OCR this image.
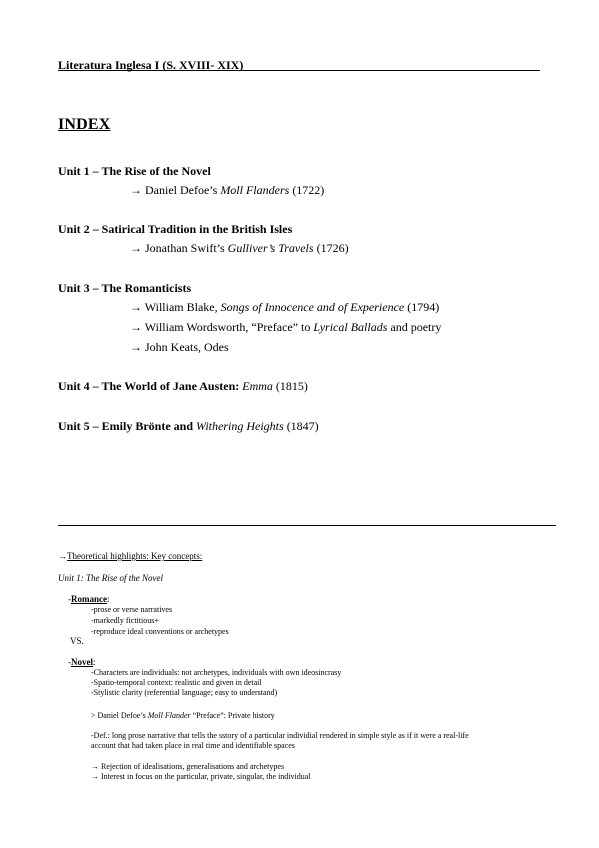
Literatura Inglesa I (S. XVIII- XIX)
INDEX
Unit 1 – The Rise of the Novel
→ Daniel Defoe’s Moll Flanders (1722)
Unit 2 – Satirical Tradition in the British Isles
→ Jonathan Swift’s Gulliver’s Travels (1726)
Unit 3 – The Romanticists
→ William Blake, Songs of Innocence and of Experience (1794)
→ William Wordsworth, “Preface” to Lyrical Ballads and poetry
→ John Keats, Odes
Unit 4 – The World of Jane Austen: Emma (1815)
Unit 5 – Emily Brönte and Withering Heights (1847)
→Theoretical highlights: Key concepts:
Unit 1: The Rise of the Novel
-Romance:
-prose or verse narratives
-markedly fictitious+
-reproduce ideal conventions or archetypes
VS.
-Novel:
-Characters are individuals: not archetypes, individuals with own ideosincrasy
-Spatio-temporal context: realistic and given in detail
-Stylistic clarity (referential language; easy to understand)
> Daniel Defoe’s Moll Flander “Preface”: Private history
-Def.: long prose narrative that tells the sstory of a particular individial rendered in simple style as if it were a real-life
account that had taken place in real time and identifiable spaces
→ Rejection of idealisations, generalisations and archetypes
→ Interest in focus on the particular, private, singular, the individual
